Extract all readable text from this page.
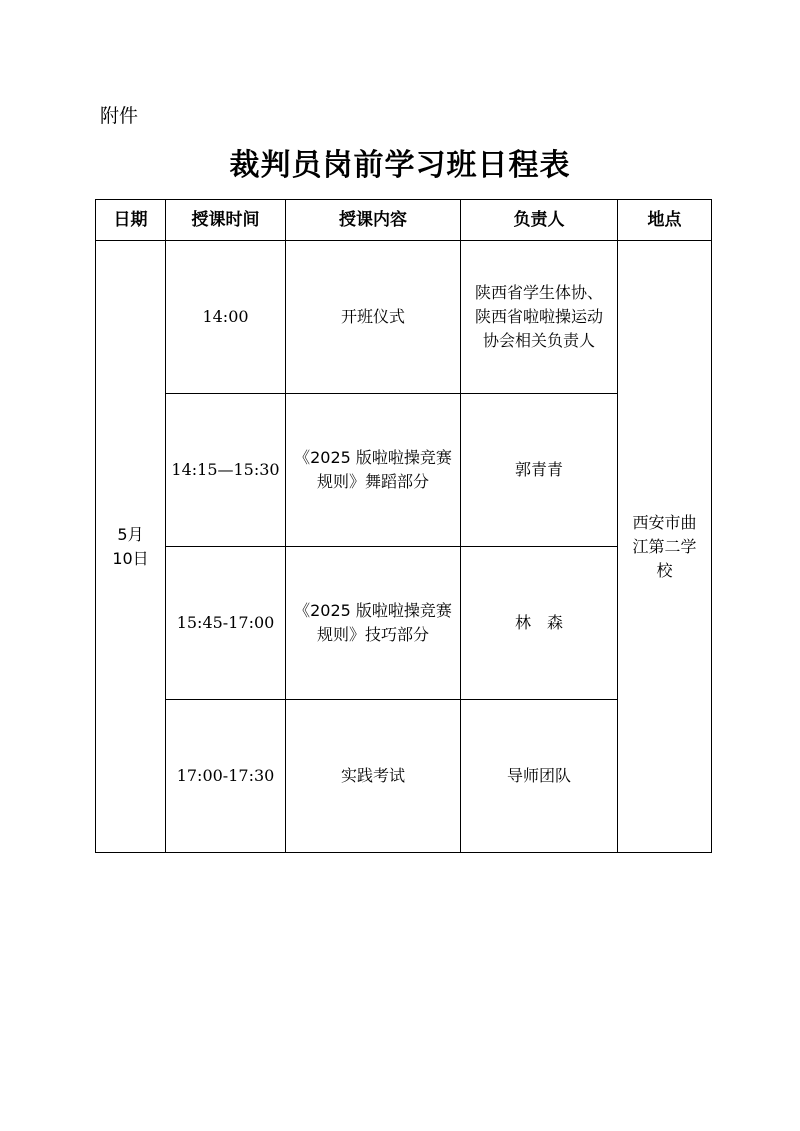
附件
裁判员岗前学习班日程表
日期	授课时间	授课内容	负责人	地点
5月
10日	14:00	开班仪式	陕西省学生体协、
陕西省啦啦操运动
协会相关负责人	西安市曲
江第二学
校
	14:15—15:30	《2025 版啦啦操竞赛
规则》舞蹈部分	郭青青	
	15:45-17:00	《2025 版啦啦操竞赛
规则》技巧部分	林　森	
	17:00-17:30	实践考试	导师团队	
